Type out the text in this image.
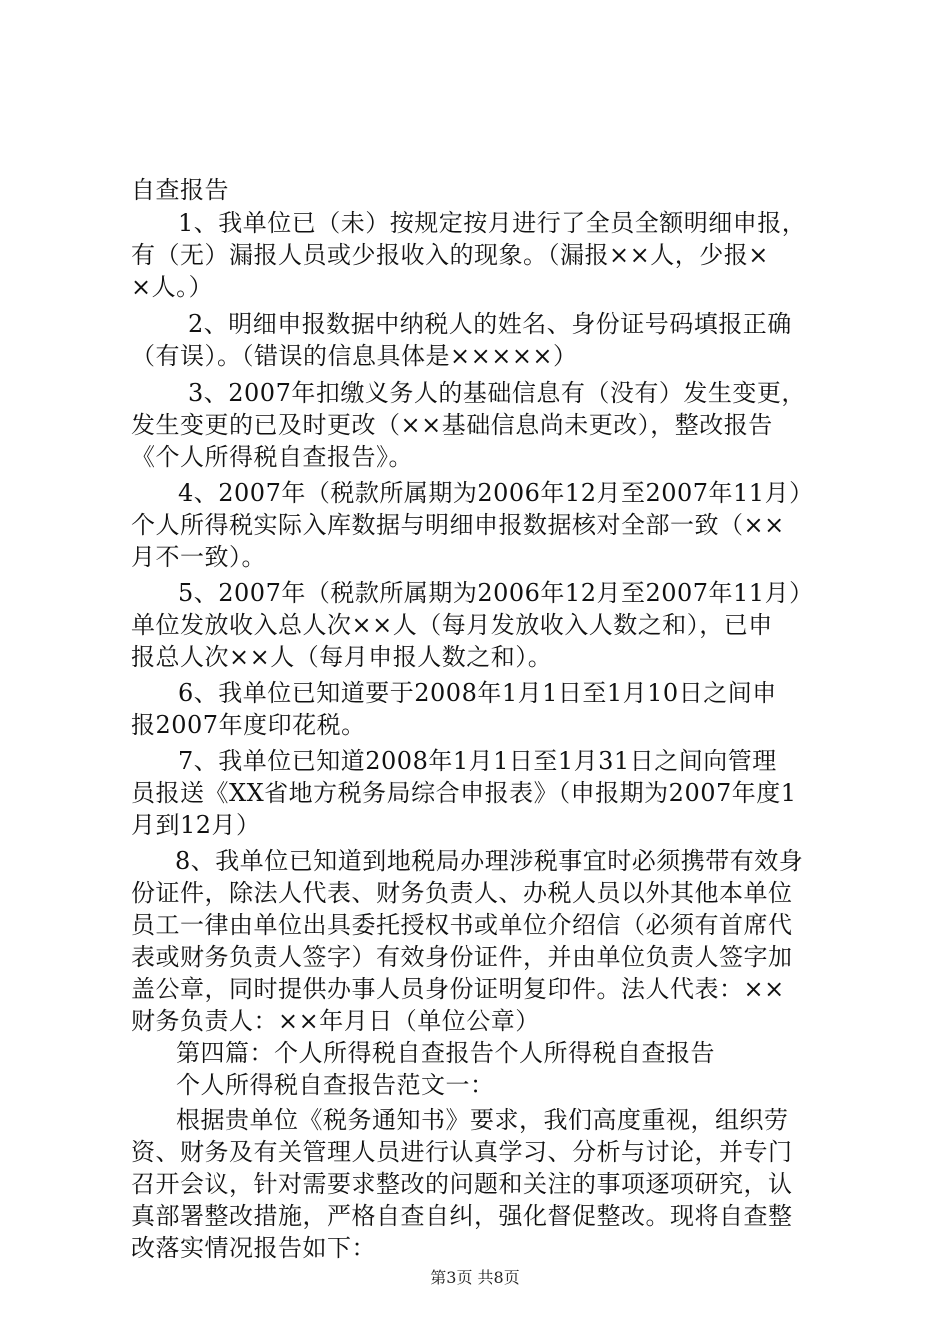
自查报告
1、我单位已（未）按规定按月进行了全员全额明细申报，
有（无）漏报人员或少报收入的现象。（漏报××人，少报×
×人。）
2、明细申报数据中纳税人的姓名、身份证号码填报正确
（有误）。（错误的信息具体是×××××）
3、2007年扣缴义务人的基础信息有（没有）发生变更，
发生变更的已及时更改（××基础信息尚未更改），整改报告
《个人所得税自查报告》。
4、2007年（税款所属期为2006年12月至2007年11月）
个人所得税实际入库数据与明细申报数据核对全部一致（××
月不一致）。
5、2007年（税款所属期为2006年12月至2007年11月）
单位发放收入总人次××人（每月发放收入人数之和），已申
报总人次××人（每月申报人数之和）。
6、我单位已知道要于2008年1月1日至1月10日之间申
报2007年度印花税。
7、我单位已知道2008年1月1日至1月31日之间向管理
员报送《XX省地方税务局综合申报表》（申报期为2007年度1
月到12月）
8、我单位已知道到地税局办理涉税事宜时必须携带有效身
份证件，除法人代表、财务负责人、办税人员以外其他本单位
员工一律由单位出具委托授权书或单位介绍信（必须有首席代
表或财务负责人签字）有效身份证件，并由单位负责人签字加
盖公章，同时提供办事人员身份证明复印件。法人代表：××
财务负责人：××年月日（单位公章）
第四篇：个人所得税自查报告个人所得税自查报告
个人所得税自查报告范文一：
根据贵单位《税务通知书》要求，我们高度重视，组织劳
资、财务及有关管理人员进行认真学习、分析与讨论，并专门
召开会议，针对需要求整改的问题和关注的事项逐项研究，认
真部署整改措施，严格自查自纠，强化督促整改。现将自查整
改落实情况报告如下：
第3页 共8页
